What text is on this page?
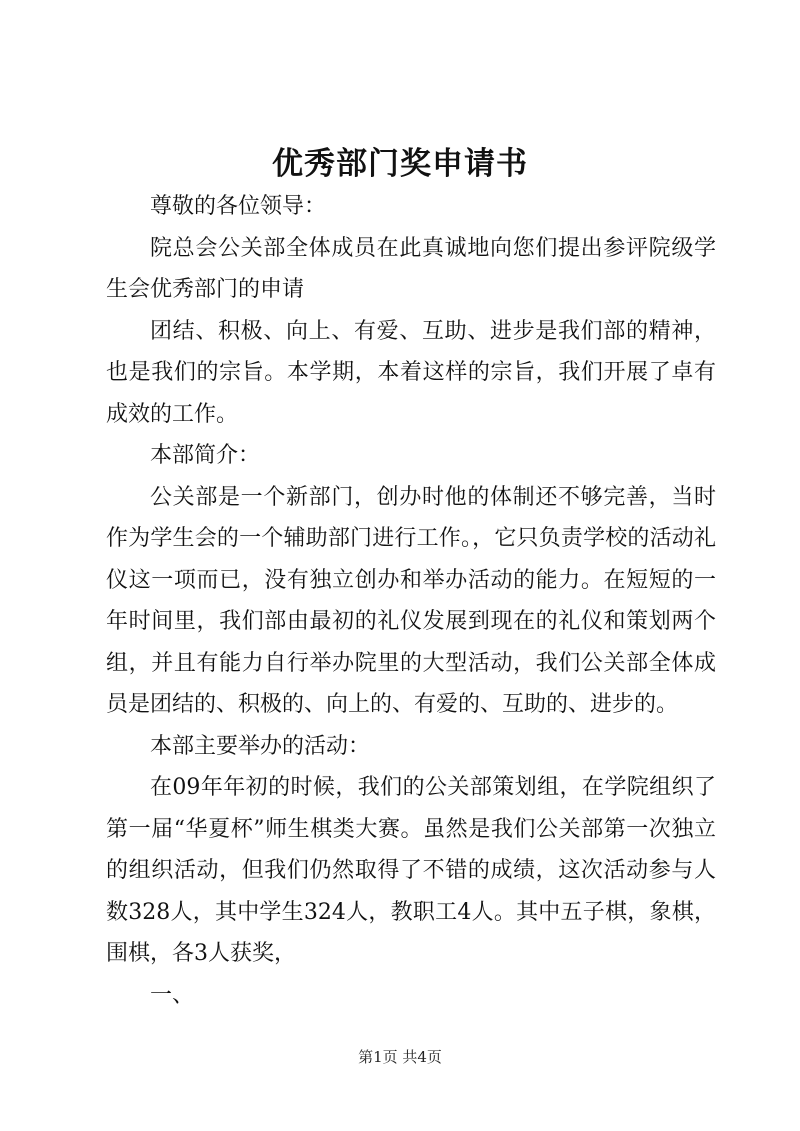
优秀部门奖申请书

尊敬的各位领导：

院总会公关部全体成员在此真诚地向您们提出参评院级学生会优秀部门的申请

团结、积极、向上、有爱、互助、进步是我们部的精神，也是我们的宗旨。本学期，本着这样的宗旨，我们开展了卓有成效的工作。

本部简介：

公关部是一个新部门，创办时他的体制还不够完善，当时作为学生会的一个辅助部门进行工作。，它只负责学校的活动礼仪这一项而已，没有独立创办和举办活动的能力。在短短的一年时间里，我们部由最初的礼仪发展到现在的礼仪和策划两个组，并且有能力自行举办院里的大型活动，我们公关部全体成员是团结的、积极的、向上的、有爱的、互助的、进步的。

本部主要举办的活动：

在09年年初的时候，我们的公关部策划组，在学院组织了第一届“华夏杯”师生棋类大赛。虽然是我们公关部第一次独立的组织活动，但我们仍然取得了不错的成绩，这次活动参与人数328人，其中学生324人，教职工4人。其中五子棋，象棋，围棋，各3人获奖，

一、

第1页 共4页
